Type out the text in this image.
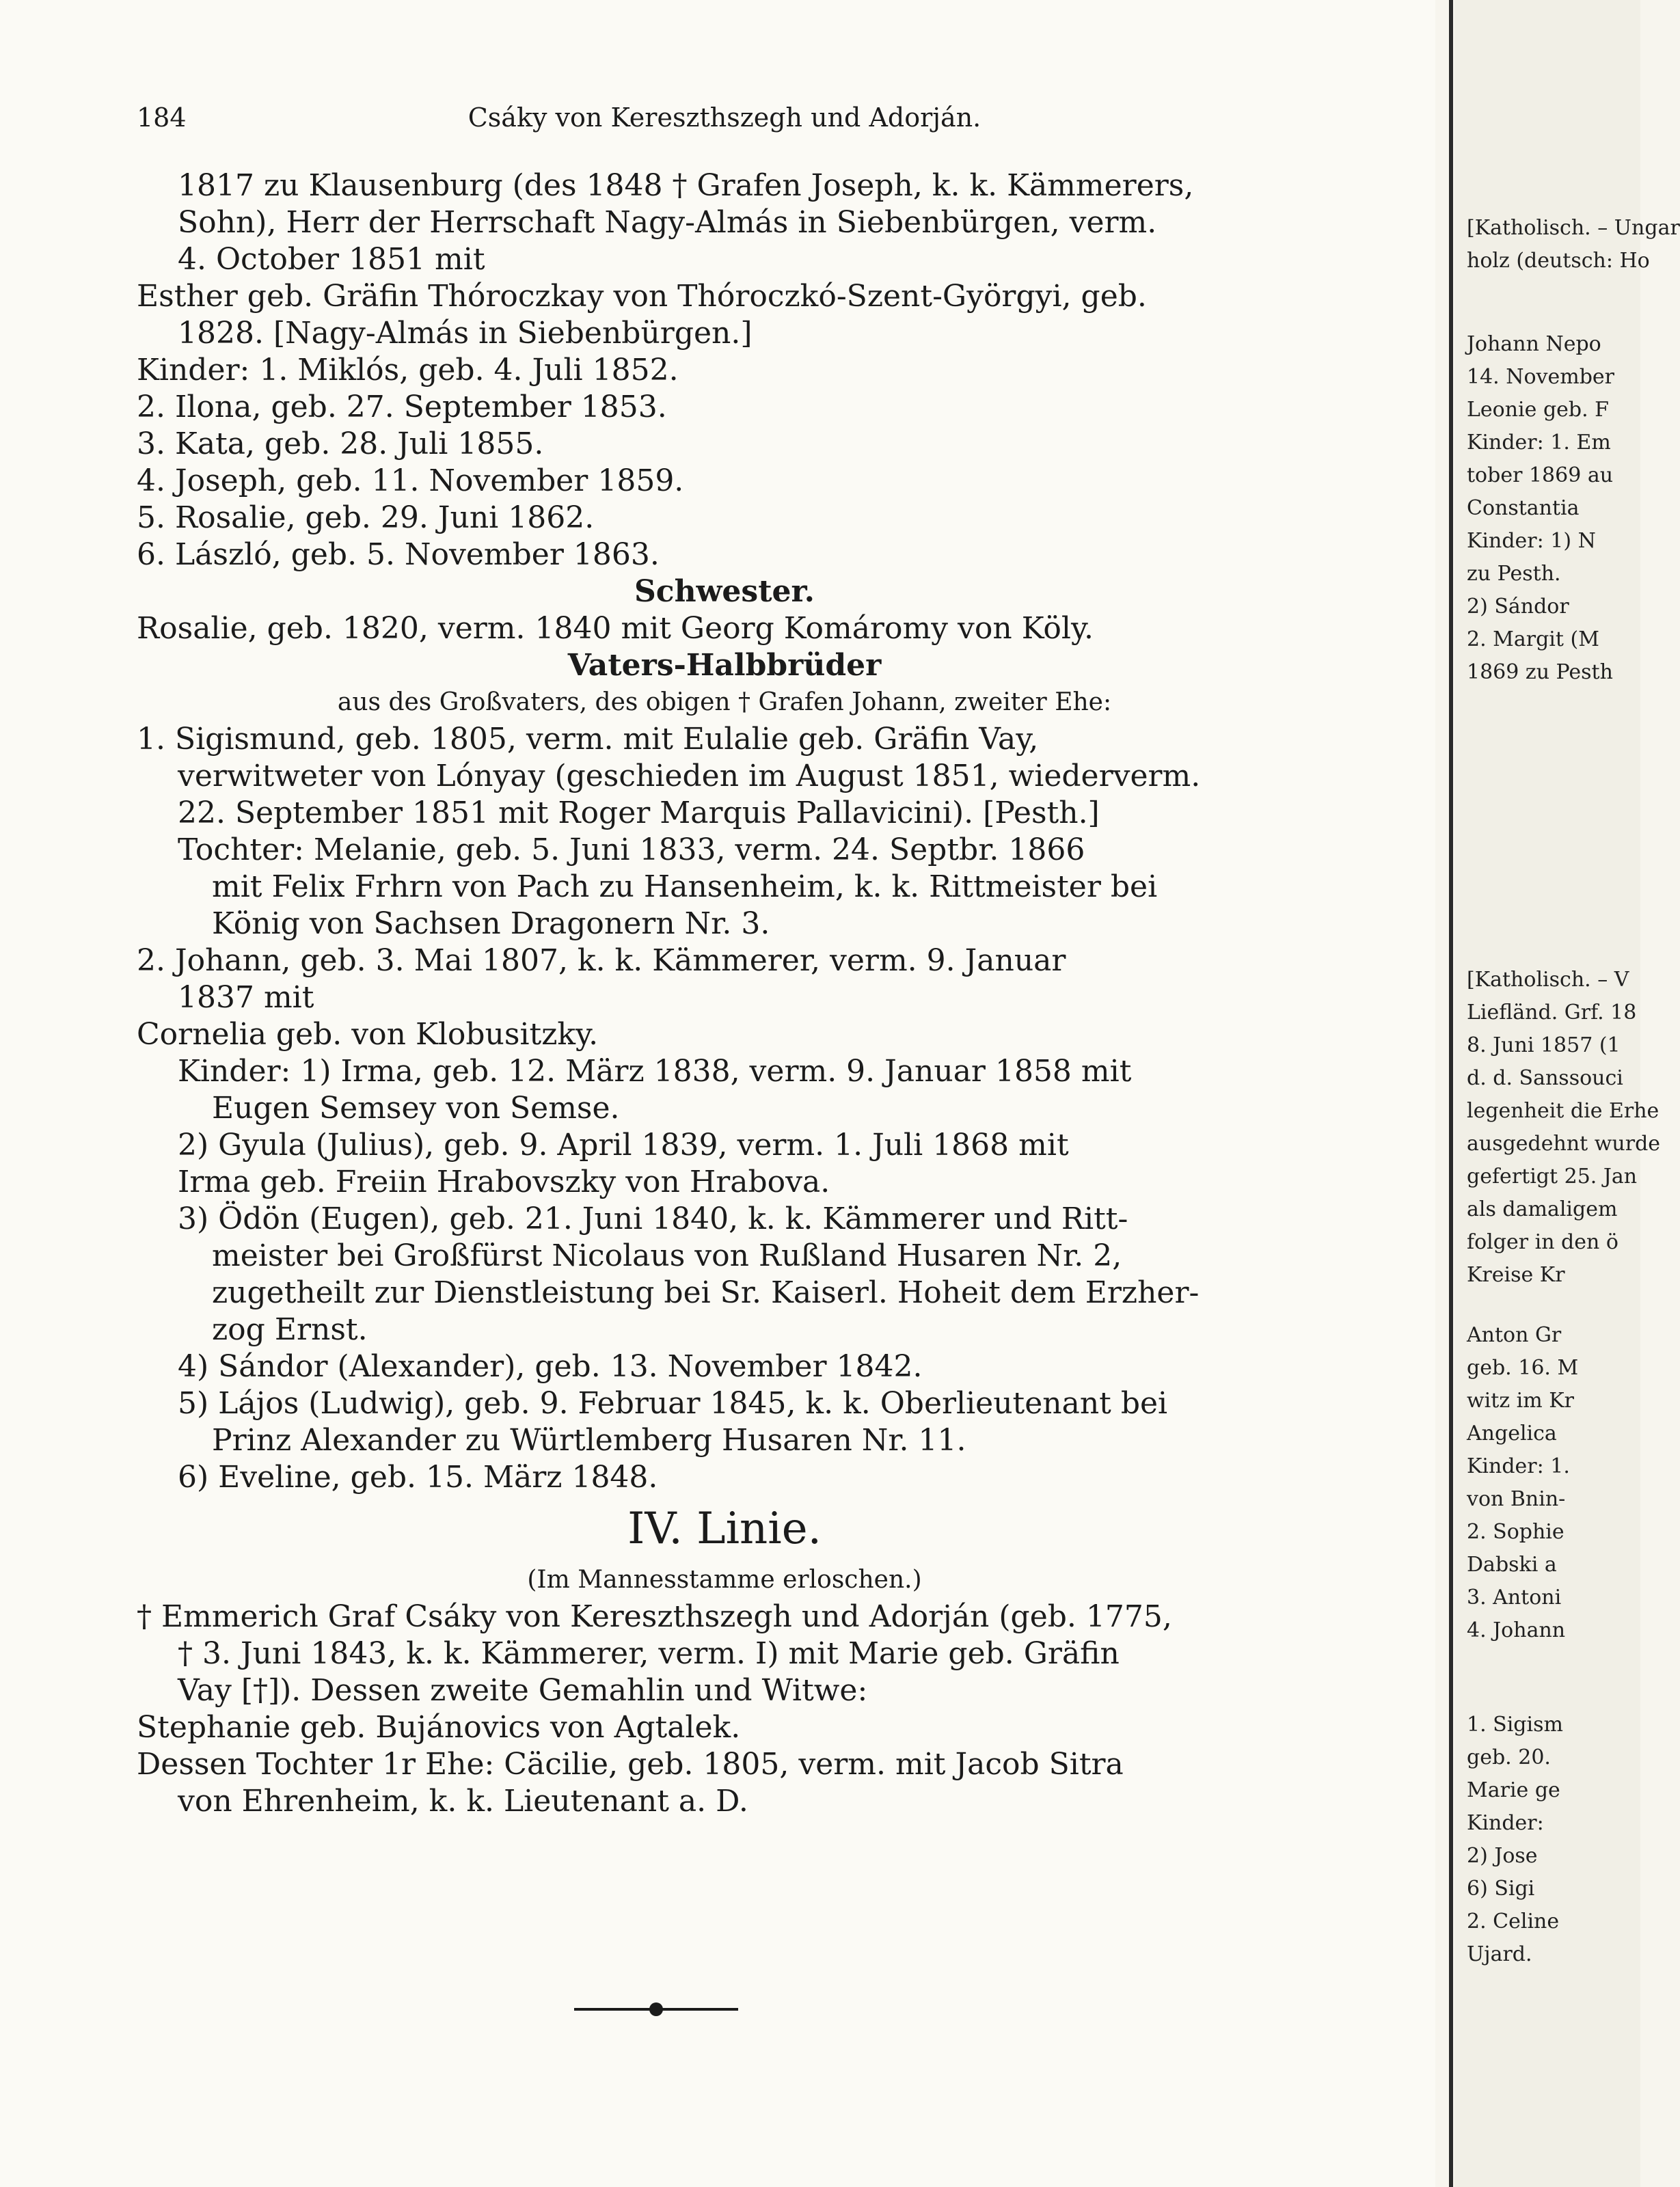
184	Csáky von Kereszthszegh und Adorján.
1817 zu Klausenburg (des 1848 † Grafen Joseph, k. k. Kämmerers,
Sohn), Herr der Herrschaft Nagy-Almás in Siebenbürgen, verm.
4. October 1851 mit
Esther geb. Gräfin Thóroczkay von Thóroczkó-Szent-Györgyi, geb.
1828. [Nagy-Almás in Siebenbürgen.]
Kinder: 1. Miklós, geb. 4. Juli 1852.
2. Ilona, geb. 27. September 1853.
3. Kata, geb. 28. Juli 1855.
4. Joseph, geb. 11. November 1859.
5. Rosalie, geb. 29. Juni 1862.
6. László, geb. 5. November 1863.
Schwester.
Rosalie, geb. 1820, verm. 1840 mit Georg Komáromy von Köly.
Vaters-Halbbrüder
aus des Großvaters, des obigen † Grafen Johann, zweiter Ehe:
1. Sigismund, geb. 1805, verm. mit Eulalie geb. Gräfin Vay,
verwitweter von Lónyay (geschieden im August 1851, wiederverm.
22. September 1851 mit Roger Marquis Pallavicini). [Pesth.]
Tochter: Melanie, geb. 5. Juni 1833, verm. 24. Septbr. 1866
mit Felix Frhrn von Pach zu Hansenheim, k. k. Rittmeister bei
König von Sachsen Dragonern Nr. 3.
2. Johann, geb. 3. Mai 1807, k. k. Kämmerer, verm. 9. Januar
1837 mit
Cornelia geb. von Klobusitzky.
Kinder: 1) Irma, geb. 12. März 1838, verm. 9. Januar 1858 mit
Eugen Semsey von Semse.
2) Gyula (Julius), geb. 9. April 1839, verm. 1. Juli 1868 mit
Irma geb. Freiin Hrabovszky von Hrabova.
3) Ödön (Eugen), geb. 21. Juni 1840, k. k. Kämmerer und Ritt-
meister bei Großfürst Nicolaus von Rußland Husaren Nr. 2,
zugetheilt zur Dienstleistung bei Sr. Kaiserl. Hoheit dem Erzher-
zog Ernst.
4) Sándor (Alexander), geb. 13. November 1842.
5) Lájos (Ludwig), geb. 9. Februar 1845, k. k. Oberlieutenant bei
Prinz Alexander zu Würtlemberg Husaren Nr. 11.
6) Eveline, geb. 15. März 1848.
IV. Linie.
(Im Mannesstamme erloschen.)
† Emmerich Graf Csáky von Kereszthszegh und Adorján (geb. 1775,
† 3. Juni 1843, k. k. Kämmerer, verm. I) mit Marie geb. Gräfin
Vay [†]). Dessen zweite Gemahlin und Witwe:
Stephanie geb. Bujánovics von Agtalek.
Dessen Tochter 1r Ehe: Cäcilie, geb. 1805, verm. mit Jacob Sitra
von Ehrenheim, k. k. Lieutenant a. D.
[Katholisch. – Ungar
holz (deutsch: Ho
Johann Nepo
14. November
Leonie geb. F
Kinder: 1. Em
tober 1869 au
Constantia
Kinder: 1) N
zu Pesth.
2) Sándor
2. Margit (M
1869 zu Pesth
[Katholisch. – V
Liefländ. Grf. 18
8. Juni 1857 (1
d. d. Sanssouci
legenheit die Erhe
ausgedehnt wurde
gefertigt 25. Jan
als damaligem
folger in den ö
Kreise Kr
Anton Gr
geb. 16. M
witz im Kr
Angelica
Kinder: 1.
von Bnin-
2. Sophie
Dabski a
3. Antoni
4. Johann
1. Sigism
geb. 20.
Marie ge
Kinder:
2) Jose
6) Sigi
2. Celine
Ujard.
